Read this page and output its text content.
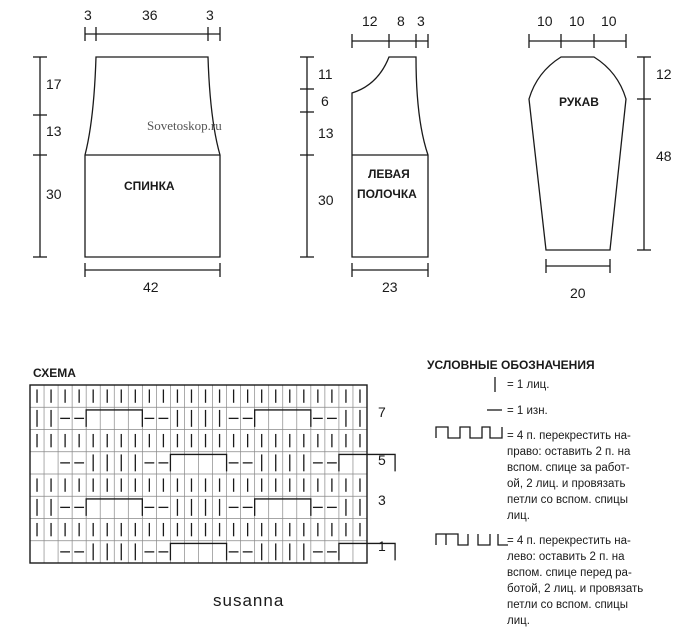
3	36	3
17
13
30
42
СПИНКА
12 8 3
11
6
13
30
23
ЛЕВАЯ
ПОЛОЧКА
10 10 10
12
48
20
РУКАВ
7
5
3
1
Sovetoskop.ru
СХЕМА
УСЛОВНЫЕ ОБОЗНАЧЕНИЯ
= 1 лиц.
= 1 изн.
= 4 п. перекрестить на-
право: оставить 2 п. на
вспом. спице за работ-
ой, 2 лиц. и провязать
петли со вспом. спицы
лиц.
= 4 п. перекрестить на-
лево: оставить 2 п. на
вспом. спице перед ра-
ботой, 2 лиц. и провязать
петли со вспом. спицы
лиц.
susanna
